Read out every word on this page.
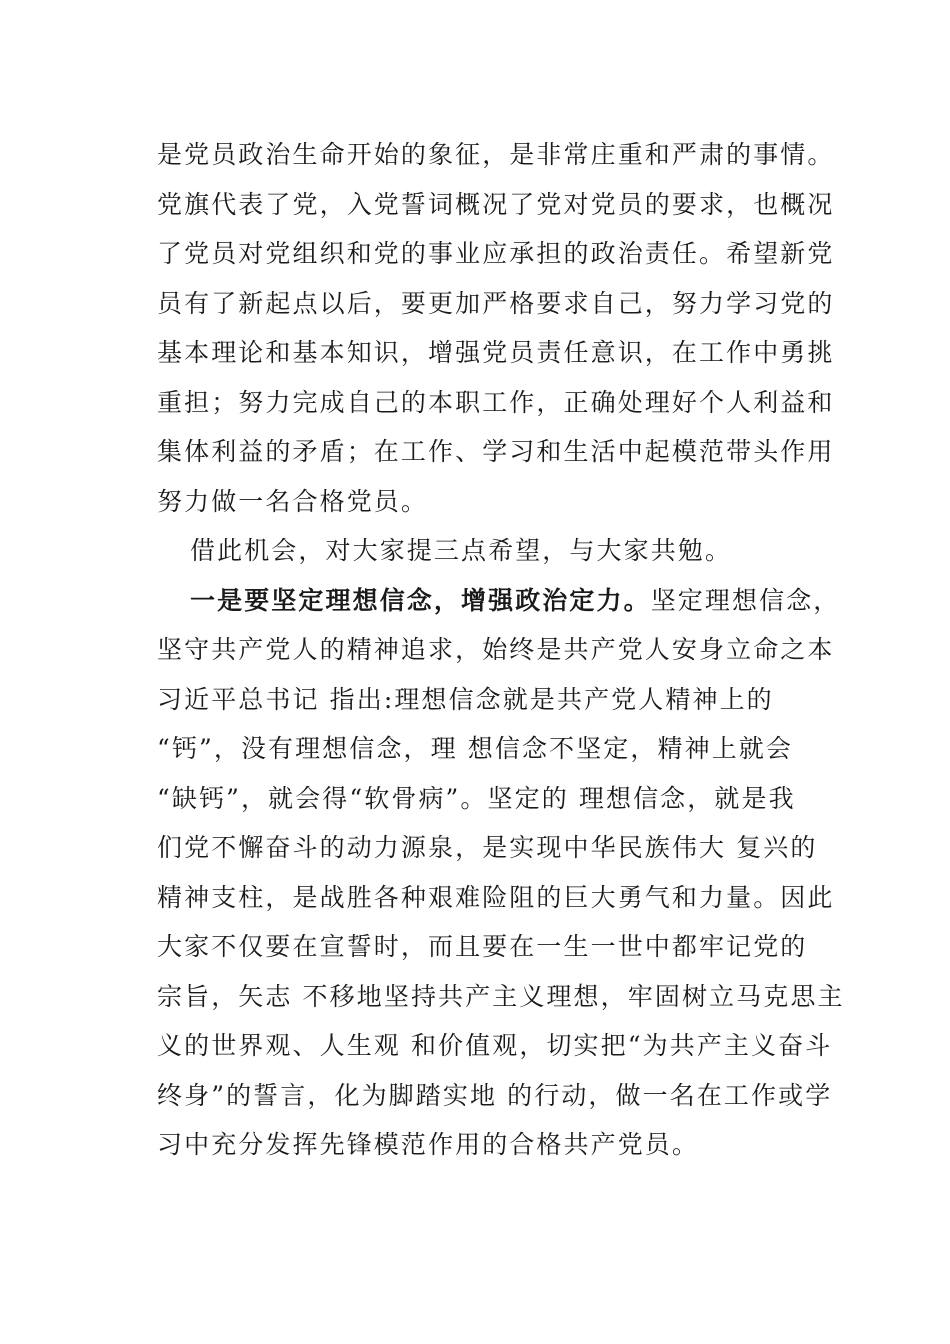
是党员政治生命开始的象征，是非常庄重和严肃的事情。
党旗代表了党，入党誓词概况了党对党员的要求，也概况
了党员对党组织和党的事业应承担的政治责任。希望新党
员有了新起点以后，要更加严格要求自己，努力学习党的
基本理论和基本知识，增强党员责任意识，在工作中勇挑
重担；努力完成自己的本职工作，正确处理好个人利益和
集体利益的矛盾；在工作、学习和生活中起模范带头作用
努力做一名合格党员。
借此机会，对大家提三点希望，与大家共勉。
一是要坚定理想信念，增强政治定力。坚定理想信念，
坚守共产党人的精神追求，始终是共产党人安身立命之本
习近平总书记 指出:理想信念就是共产党人精神上的
“钙”，没有理想信念，理 想信念不坚定，精神上就会
“缺钙”，就会得“软骨病”。坚定的 理想信念，就是我
们党不懈奋斗的动力源泉，是实现中华民族伟大 复兴的
精神支柱，是战胜各种艰难险阻的巨大勇气和力量。因此
大家不仅要在宣誓时，而且要在一生一世中都牢记党的
宗旨，矢志 不移地坚持共产主义理想，牢固树立马克思主
义的世界观、人生观 和价值观，切实把“为共产主义奋斗
终身”的誓言，化为脚踏实地 的行动，做一名在工作或学
习中充分发挥先锋模范作用的合格共产党员。
